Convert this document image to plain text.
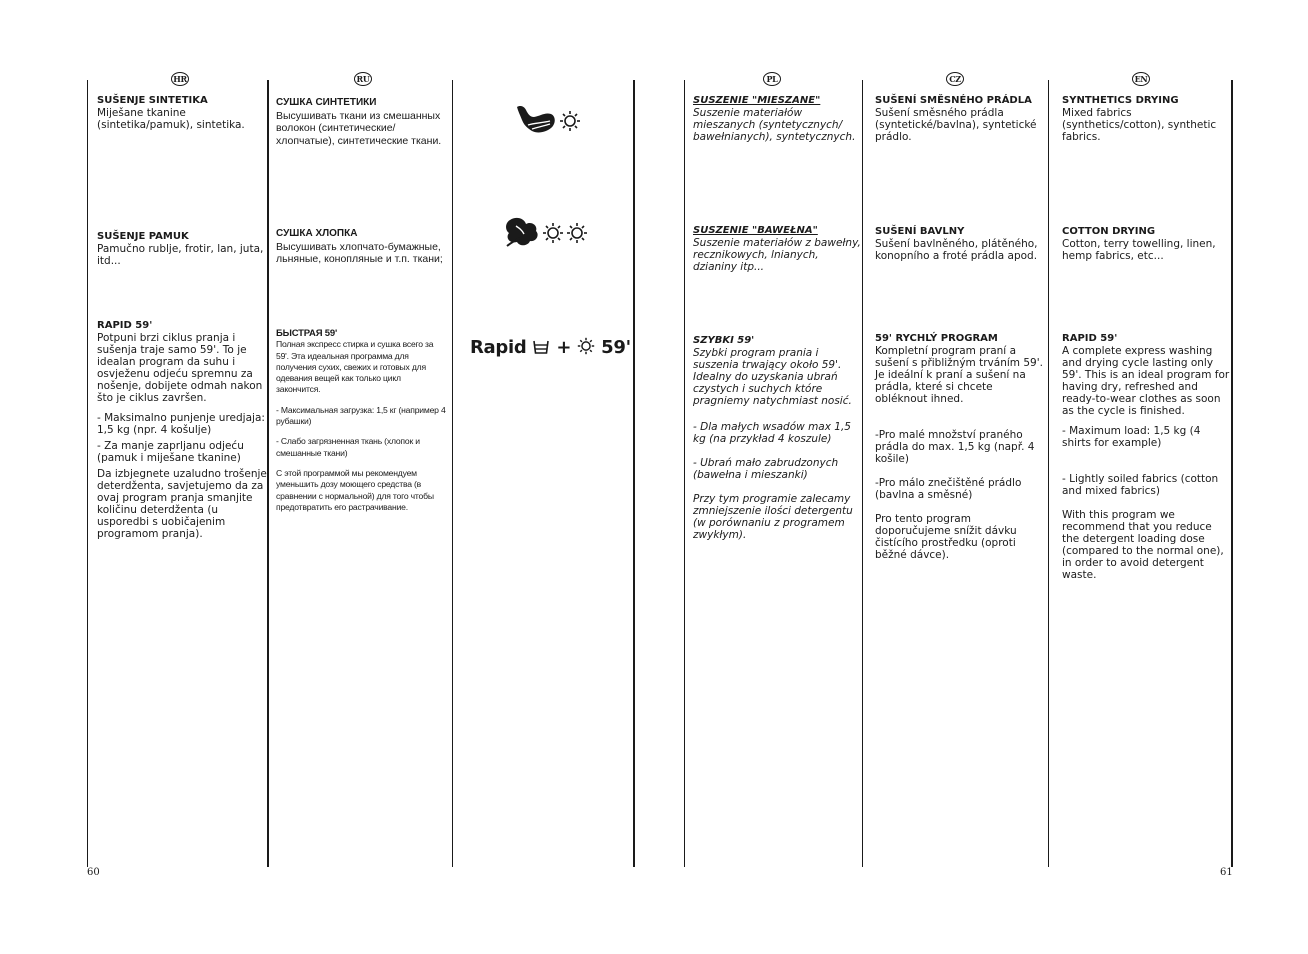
HR	RU	PL	CZ	EN
SUŠENJE SINTETIKA
Miješane tkanine (sintetika/pamuk), sintetika.
SUŠENJE PAMUK
Pamučno rublje, frotir, lan, juta, itd...
RAPID 59'

Potpuni brzi ciklus pranja i sušenja traje samo 59'. To je idealan program da suhu i osvježenu odjeću spremnu za nošenje, dobijete odmah nakon što je ciklus završen.

- Maksimalno punjenje uredjaja: 1,5 kg (npr. 4 košulje)

- Za manje zaprljanu odjeću (pamuk i miješane tkanine)

Da izbjegnete uzaludno trošenje deterdženta, savjetujemo da za ovaj program pranja smanjite količinu deterdženta (u usporedbi s uobičajenim programom pranja).

СУШКА СИНТЕТИКИ
Высушивать ткани из смешанных волокон (синтетические/хлопчатые), синтетические ткани.
СУШКА ХЛОПКА
Высушивать хлопчато-бумажные, льняные, конопляные и т.п. ткани;
БЫСТРАЯ 59'

Полная экспресс стирка и сушка всего за 59'. Эта идеальная программа для получения сухих, свежих и готовых для одевания вещей как только цикл закончится.

- Максимальная загрузка: 1,5 кг (например 4 рубашки)

- Слабо загрязненная ткань (хлопок и смешанные ткани)

С этой программой мы рекомендуем уменьшить дозу моющего средства (в сравнении с нормальной) для того чтобы предотвратить его растрачивание.

Rapid + 59'
SUSZENIE "MIESZANE"
Suszenie materiałów mieszanych (syntetycznych/ bawełnianych), syntetycznych.
SUSZENIE "BAWEŁNA"
Suszenie materiałów z bawełny, recznikowych, lnianych, dzianiny itp...
SZYBKI 59'

Szybki program prania i suszenia trwający około 59'. Idealny do uzyskania ubrań czystych i suchych które pragniemy natychmiast nosić.

- Dla małych wsadów max 1,5 kg (na przykład 4 koszule)

- Ubrań mało zabrudzonych (bawełna i mieszanki)

Przy tym programie zalecamy zmniejszenie ilości detergentu (w porównaniu z programem zwykłym).

SUŠENÍ SMĚSNÉHO PRÁDLA
Sušení směsného prádla (syntetické/bavlna), syntetické prádlo.
SUŠENÍ BAVLNY
Sušení bavlněného, plátěného, konopního a froté prádla apod.
59' RYCHLÝ PROGRAM

Kompletní program praní a sušení s přibližným trváním 59'. Je ideální k praní a sušení na prádla, které si chcete obléknout ihned.

-Pro malé množství praného prádla do max. 1,5 kg (např. 4 košile)

-Pro málo znečištěné prádlo (bavlna a směsné)

Pro tento program doporučujeme snížit dávku čistícího prostředku (oproti běžné dávce).

SYNTHETICS DRYING
Mixed fabrics (synthetics/cotton), synthetic fabrics.
COTTON DRYING
Cotton, terry towelling, linen, hemp fabrics, etc...
RAPID 59'

A complete express washing and drying cycle lasting only 59'. This is an ideal program for having dry, refreshed and ready-to-wear clothes as soon as the cycle is finished.

- Maximum load: 1,5 kg (4 shirts for example)

- Lightly soiled fabrics (cotton and mixed fabrics)

With this program we recommend that you reduce the detergent loading dose (compared to the normal one), in order to avoid detergent waste.

60	61
